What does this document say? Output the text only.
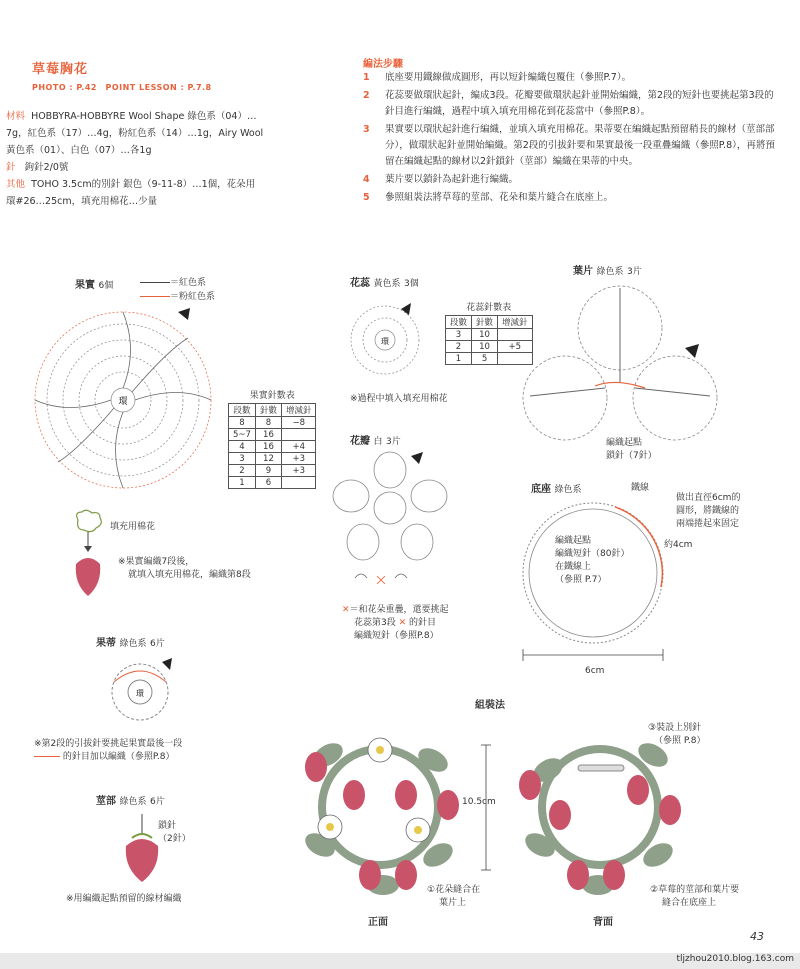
草莓胸花
PHOTO : P.42　POINT LESSON : P.7.8
材料 HOBBYRA-HOBBYRE Wool Shape 綠色系（04）…
7g，紅色系（17）…4g，粉紅色系（14）…1g，Airy Wool
黃色系（01）、白色（07）…各1g
針 鉤針2/0號
其他 TOHO 3.5cm的別針 銀色（9-11-8）…1個，花朵用
環#26…25cm，填充用棉花…少量
編法步驟
1	底座要用鐵線做成圓形，再以短針編織包覆住（參照P.7）。
2	花蕊要做環狀起針，編成3段。花瓣要做環狀起針並開始編織，第2段的短針也要挑起第3段的針目進行編織，過程中填入填充用棉花到花蕊當中（參照P.8）。
3	果實要以環狀起針進行編織，並填入填充用棉花。果蒂要在編織起點預留稍長的線材（莖部部分），做環狀起針並開始編織。第2段的引拔針要和果實最後一段重疊編織（參照P.8），再將預留在編織起點的線材以2針鎖針（莖部）編織在果蒂的中央。
4	葉片要以鎖針為起針進行編織。
5	參照組裝法將草莓的莖部、花朵和葉片縫合在底座上。
果實 6個	＝紅色系
＝粉紅色系
環
果實針數表
段數	針數	增減針
8	8	−8
5~7	16	
4	16	+4
3	12	+3
2	9	+3
1	6	
填充用棉花
※果實編織7段後，
就填入填充用棉花，編織第8段
花蕊 黃色系 3個
環
花蕊針數表
段數	針數	增減針
3	10	
2	10	+5
1	5	
※過程中填入填充用棉花
花瓣 白 3片
✕＝和花朵重疊，還要挑起
花蕊第3段 ✕ 的針目
編織短針（參照P.8）
葉片 綠色系 3片
編織起點
鎖針（7針）
底座 綠色系	鐵線
做出直徑6cm的
圓形，將鐵線的
兩端捲起來固定
約4cm
編織起點
編織短針（80針）
在鐵線上
（參照 P.7）
6cm
果蒂 綠色系 6片
環
※第2段的引拔針要挑起果實最後一段
的針目加以編織（參照P.8）
莖部 綠色系 6片
鎖針
（2針）
※用編織起點預留的線材編織
組裝法
10.5cm
①花朵縫合在
葉片上
③裝設上別針
（參照 P.8）
②草莓的莖部和葉片要
縫合在底座上
正面	背面
43
tljzhou2010.blog.163.com
